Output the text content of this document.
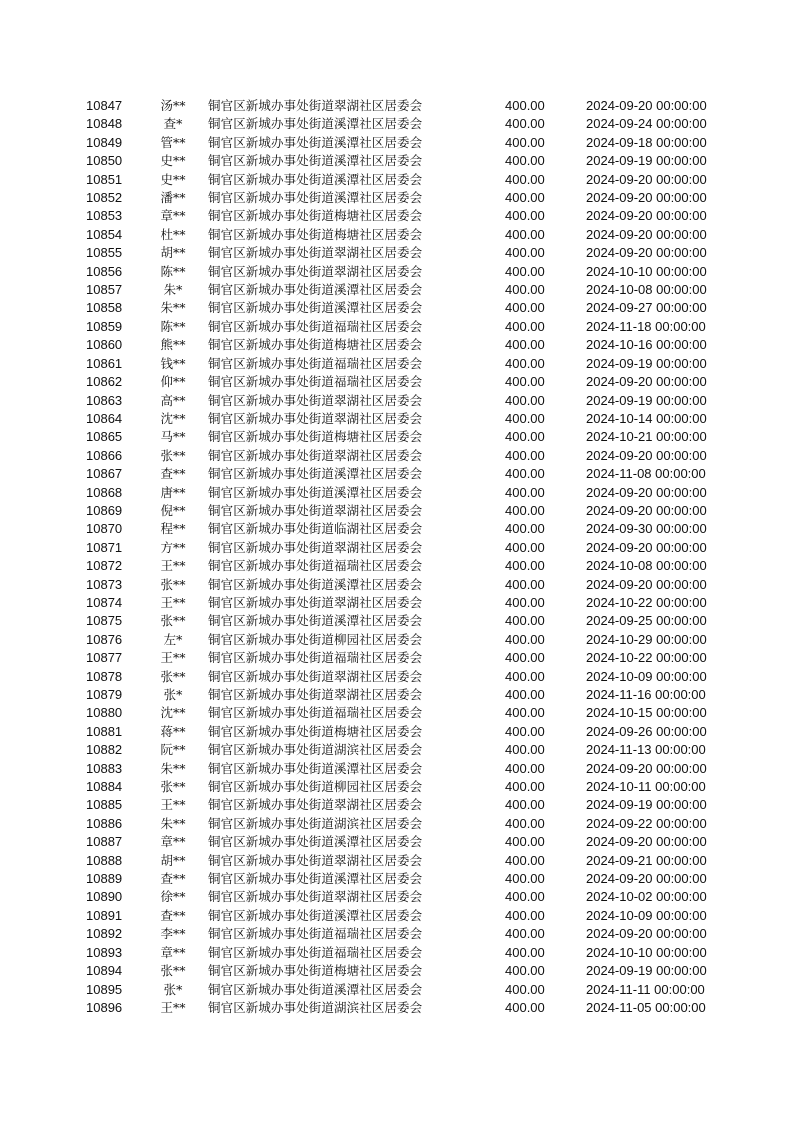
10847	汤** 铜官区新城办事处街道翠湖社区居委会	400.00	2024-09-20 00:00:00
10848	查*	铜官区新城办事处街道溪潭社区居委会	400.00	2024-09-24 00:00:00
10849	管** 铜官区新城办事处街道溪潭社区居委会	400.00	2024-09-18 00:00:00
10850	史** 铜官区新城办事处街道溪潭社区居委会	400.00	2024-09-19 00:00:00
10851	史** 铜官区新城办事处街道溪潭社区居委会	400.00	2024-09-20 00:00:00
10852	潘** 铜官区新城办事处街道溪潭社区居委会	400.00	2024-09-20 00:00:00
10853	章** 铜官区新城办事处街道梅塘社区居委会	400.00	2024-09-20 00:00:00
10854	杜** 铜官区新城办事处街道梅塘社区居委会	400.00	2024-09-20 00:00:00
10855	胡** 铜官区新城办事处街道翠湖社区居委会	400.00	2024-09-20 00:00:00
10856	陈** 铜官区新城办事处街道翠湖社区居委会	400.00	2024-10-10 00:00:00
10857	朱*	铜官区新城办事处街道溪潭社区居委会	400.00	2024-10-08 00:00:00
10858	朱** 铜官区新城办事处街道溪潭社区居委会	400.00	2024-09-27 00:00:00
10859	陈** 铜官区新城办事处街道福瑞社区居委会	400.00	2024-11-18 00:00:00
10860	熊** 铜官区新城办事处街道梅塘社区居委会	400.00	2024-10-16 00:00:00
10861	钱** 铜官区新城办事处街道福瑞社区居委会	400.00	2024-09-19 00:00:00
10862	仰** 铜官区新城办事处街道福瑞社区居委会	400.00	2024-09-20 00:00:00
10863	高** 铜官区新城办事处街道翠湖社区居委会	400.00	2024-09-19 00:00:00
10864	沈** 铜官区新城办事处街道翠湖社区居委会	400.00	2024-10-14 00:00:00
10865	马** 铜官区新城办事处街道梅塘社区居委会	400.00	2024-10-21 00:00:00
10866	张** 铜官区新城办事处街道翠湖社区居委会	400.00	2024-09-20 00:00:00
10867	查** 铜官区新城办事处街道溪潭社区居委会	400.00	2024-11-08 00:00:00
10868	唐** 铜官区新城办事处街道溪潭社区居委会	400.00	2024-09-20 00:00:00
10869	倪** 铜官区新城办事处街道翠湖社区居委会	400.00	2024-09-20 00:00:00
10870	程** 铜官区新城办事处街道临湖社区居委会	400.00	2024-09-30 00:00:00
10871	方** 铜官区新城办事处街道翠湖社区居委会	400.00	2024-09-20 00:00:00
10872	王** 铜官区新城办事处街道福瑞社区居委会	400.00	2024-10-08 00:00:00
10873	张** 铜官区新城办事处街道溪潭社区居委会	400.00	2024-09-20 00:00:00
10874	王** 铜官区新城办事处街道翠湖社区居委会	400.00	2024-10-22 00:00:00
10875	张** 铜官区新城办事处街道溪潭社区居委会	400.00	2024-09-25 00:00:00
10876	左*	铜官区新城办事处街道柳园社区居委会	400.00	2024-10-29 00:00:00
10877	王** 铜官区新城办事处街道福瑞社区居委会	400.00	2024-10-22 00:00:00
10878	张** 铜官区新城办事处街道翠湖社区居委会	400.00	2024-10-09 00:00:00
10879	张*	铜官区新城办事处街道翠湖社区居委会	400.00	2024-11-16 00:00:00
10880	沈** 铜官区新城办事处街道福瑞社区居委会	400.00	2024-10-15 00:00:00
10881	蒋** 铜官区新城办事处街道梅塘社区居委会	400.00	2024-09-26 00:00:00
10882	阮** 铜官区新城办事处街道湖滨社区居委会	400.00	2024-11-13 00:00:00
10883	朱** 铜官区新城办事处街道溪潭社区居委会	400.00	2024-09-20 00:00:00
10884	张** 铜官区新城办事处街道柳园社区居委会	400.00	2024-10-11 00:00:00
10885	王** 铜官区新城办事处街道翠湖社区居委会	400.00	2024-09-19 00:00:00
10886	朱** 铜官区新城办事处街道湖滨社区居委会	400.00	2024-09-22 00:00:00
10887	章** 铜官区新城办事处街道溪潭社区居委会	400.00	2024-09-20 00:00:00
10888	胡** 铜官区新城办事处街道翠湖社区居委会	400.00	2024-09-21 00:00:00
10889	查** 铜官区新城办事处街道溪潭社区居委会	400.00	2024-09-20 00:00:00
10890	徐** 铜官区新城办事处街道翠湖社区居委会	400.00	2024-10-02 00:00:00
10891	查** 铜官区新城办事处街道溪潭社区居委会	400.00	2024-10-09 00:00:00
10892	李** 铜官区新城办事处街道福瑞社区居委会	400.00	2024-09-20 00:00:00
10893	章** 铜官区新城办事处街道福瑞社区居委会	400.00	2024-10-10 00:00:00
10894	张** 铜官区新城办事处街道梅塘社区居委会	400.00	2024-09-19 00:00:00
10895	张*	铜官区新城办事处街道溪潭社区居委会	400.00	2024-11-11 00:00:00
10896	王** 铜官区新城办事处街道湖滨社区居委会	400.00	2024-11-05 00:00:00
